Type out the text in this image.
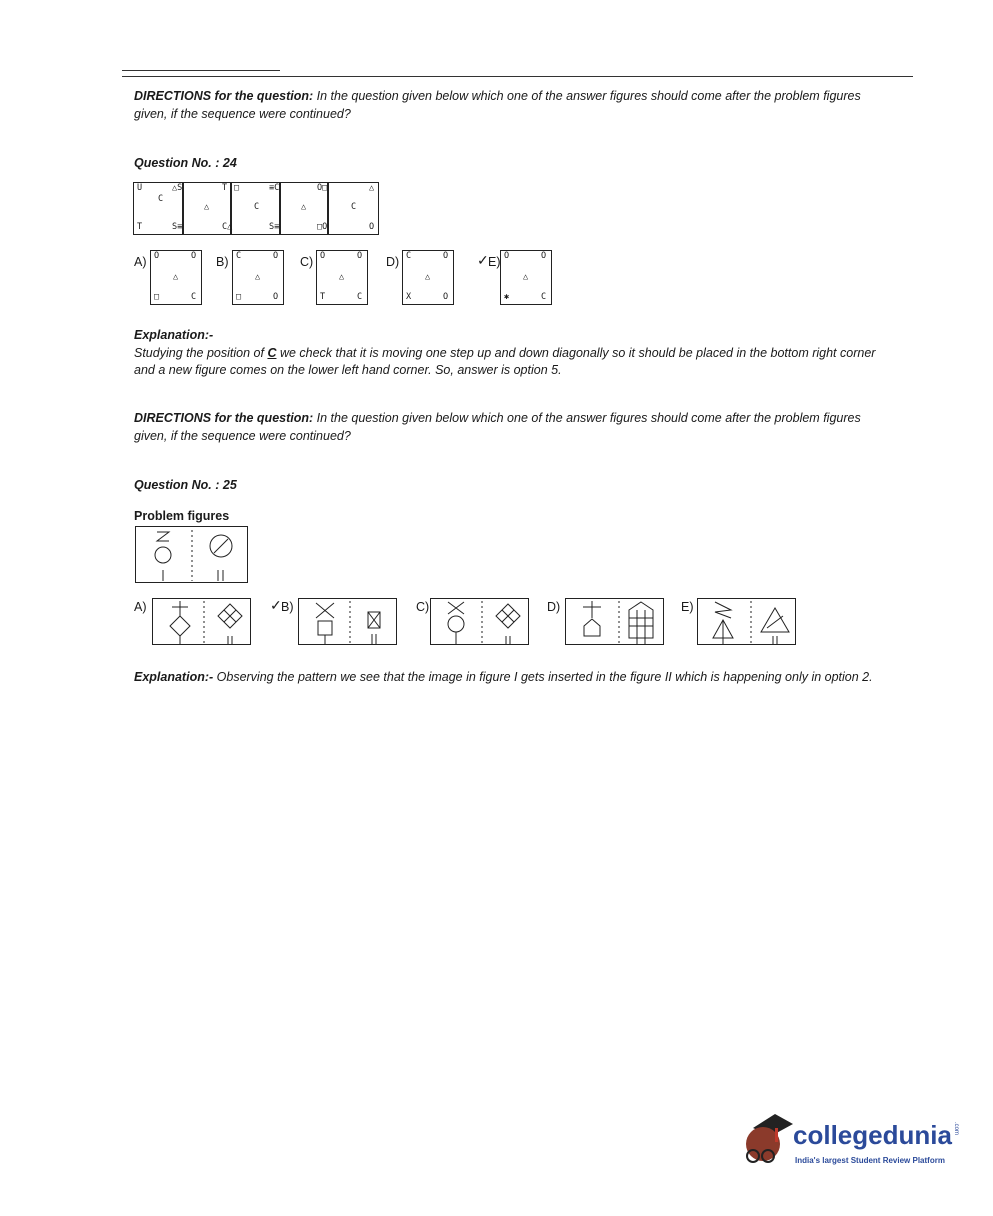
DIRECTIONS for the question: In the question given below which one of the answer figures should come after the problem figures given, if the sequence were continued?
Question No. : 24
U
C
T
△S
△
S≡
T □
C
C△
≡C
△
S≡
O□	△
C
□O	O
A) O	O
△
□	C
B) C	O
△
□	O
C) O	O
△
T	C
D) C	O
△
X	O
✓ E) O	O
△
✱	C
Explanation:-
Studying the position of C we check that it is moving one step up and down diagonally so it should be placed in the bottom right corner and a new figure comes on the lower left hand corner. So, answer is option 5.
DIRECTIONS for the question: In the question given below which one of the answer figures should come after the problem figures given, if the sequence were continued?
Question No. : 25
Problem figures
A)	✓ B)	C)	D)	E)
Explanation:- Observing the pattern we see that the image in figure I gets inserted in the figure II which is happening only in option 2.
collegedunia .com
India's largest Student Review Platform
